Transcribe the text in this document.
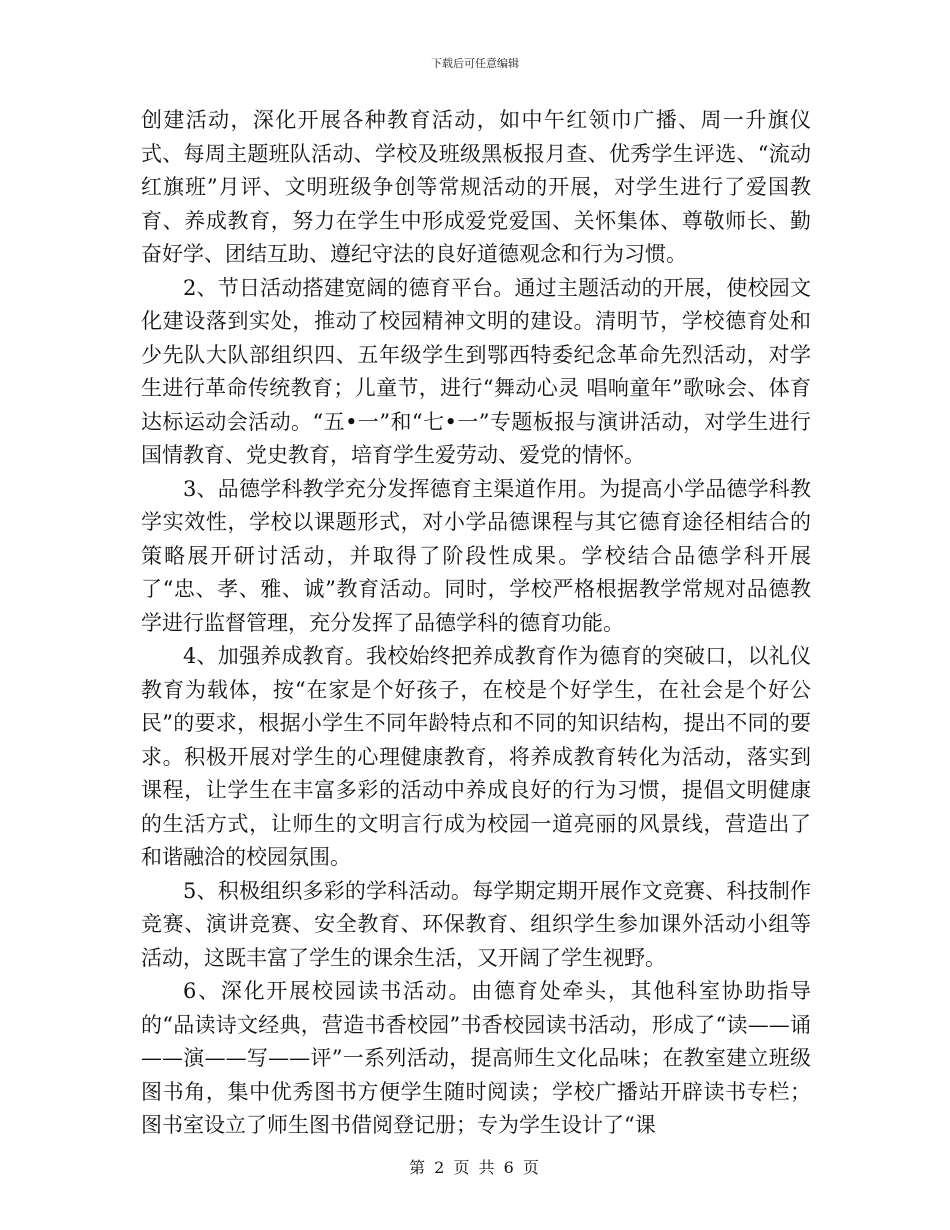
下载后可任意编辑

创建活动，深化开展各种教育活动，如中午红领巾广播、周一升旗仪式、每周主题班队活动、学校及班级黑板报月查、优秀学生评选、“流动红旗班”月评、文明班级争创等常规活动的开展，对学生进行了爱国教育、养成教育，努力在学生中形成爱党爱国、关怀集体、尊敬师长、勤奋好学、团结互助、遵纪守法的良好道德观念和行为习惯。

2、节日活动搭建宽阔的德育平台。通过主题活动的开展，使校园文化建设落到实处，推动了校园精神文明的建设。清明节，学校德育处和少先队大队部组织四、五年级学生到鄂西特委纪念革命先烈活动，对学生进行革命传统教育；儿童节，进行“舞动心灵 唱响童年”歌咏会、体育达标运动会活动。“五•一”和“七•一”专题板报与演讲活动，对学生进行国情教育、党史教育，培育学生爱劳动、爱党的情怀。

3、品德学科教学充分发挥德育主渠道作用。为提高小学品德学科教学实效性，学校以课题形式，对小学品德课程与其它德育途径相结合的策略展开研讨活动，并取得了阶段性成果。学校结合品德学科开展了“忠、孝、雅、诚”教育活动。同时，学校严格根据教学常规对品德教学进行监督管理，充分发挥了品德学科的德育功能。

4、加强养成教育。我校始终把养成教育作为德育的突破口，以礼仪教育为载体，按“在家是个好孩子，在校是个好学生，在社会是个好公民”的要求，根据小学生不同年龄特点和不同的知识结构，提出不同的要求。积极开展对学生的心理健康教育，将养成教育转化为活动，落实到课程，让学生在丰富多彩的活动中养成良好的行为习惯，提倡文明健康的生活方式，让师生的文明言行成为校园一道亮丽的风景线，营造出了和谐融洽的校园氛围。

5、积极组织多彩的学科活动。每学期定期开展作文竞赛、科技制作竞赛、演讲竞赛、安全教育、环保教育、组织学生参加课外活动小组等活动，这既丰富了学生的课余生活，又开阔了学生视野。

6、深化开展校园读书活动。由德育处牵头，其他科室协助指导的“品读诗文经典，营造书香校园”书香校园读书活动，形成了“读——诵——演——写——评”一系列活动，提高师生文化品味；在教室建立班级图书角，集中优秀图书方便学生随时阅读；学校广播站开辟读书专栏；图书室设立了师生图书借阅登记册；专为学生设计了“课

第 2 页 共 6 页
